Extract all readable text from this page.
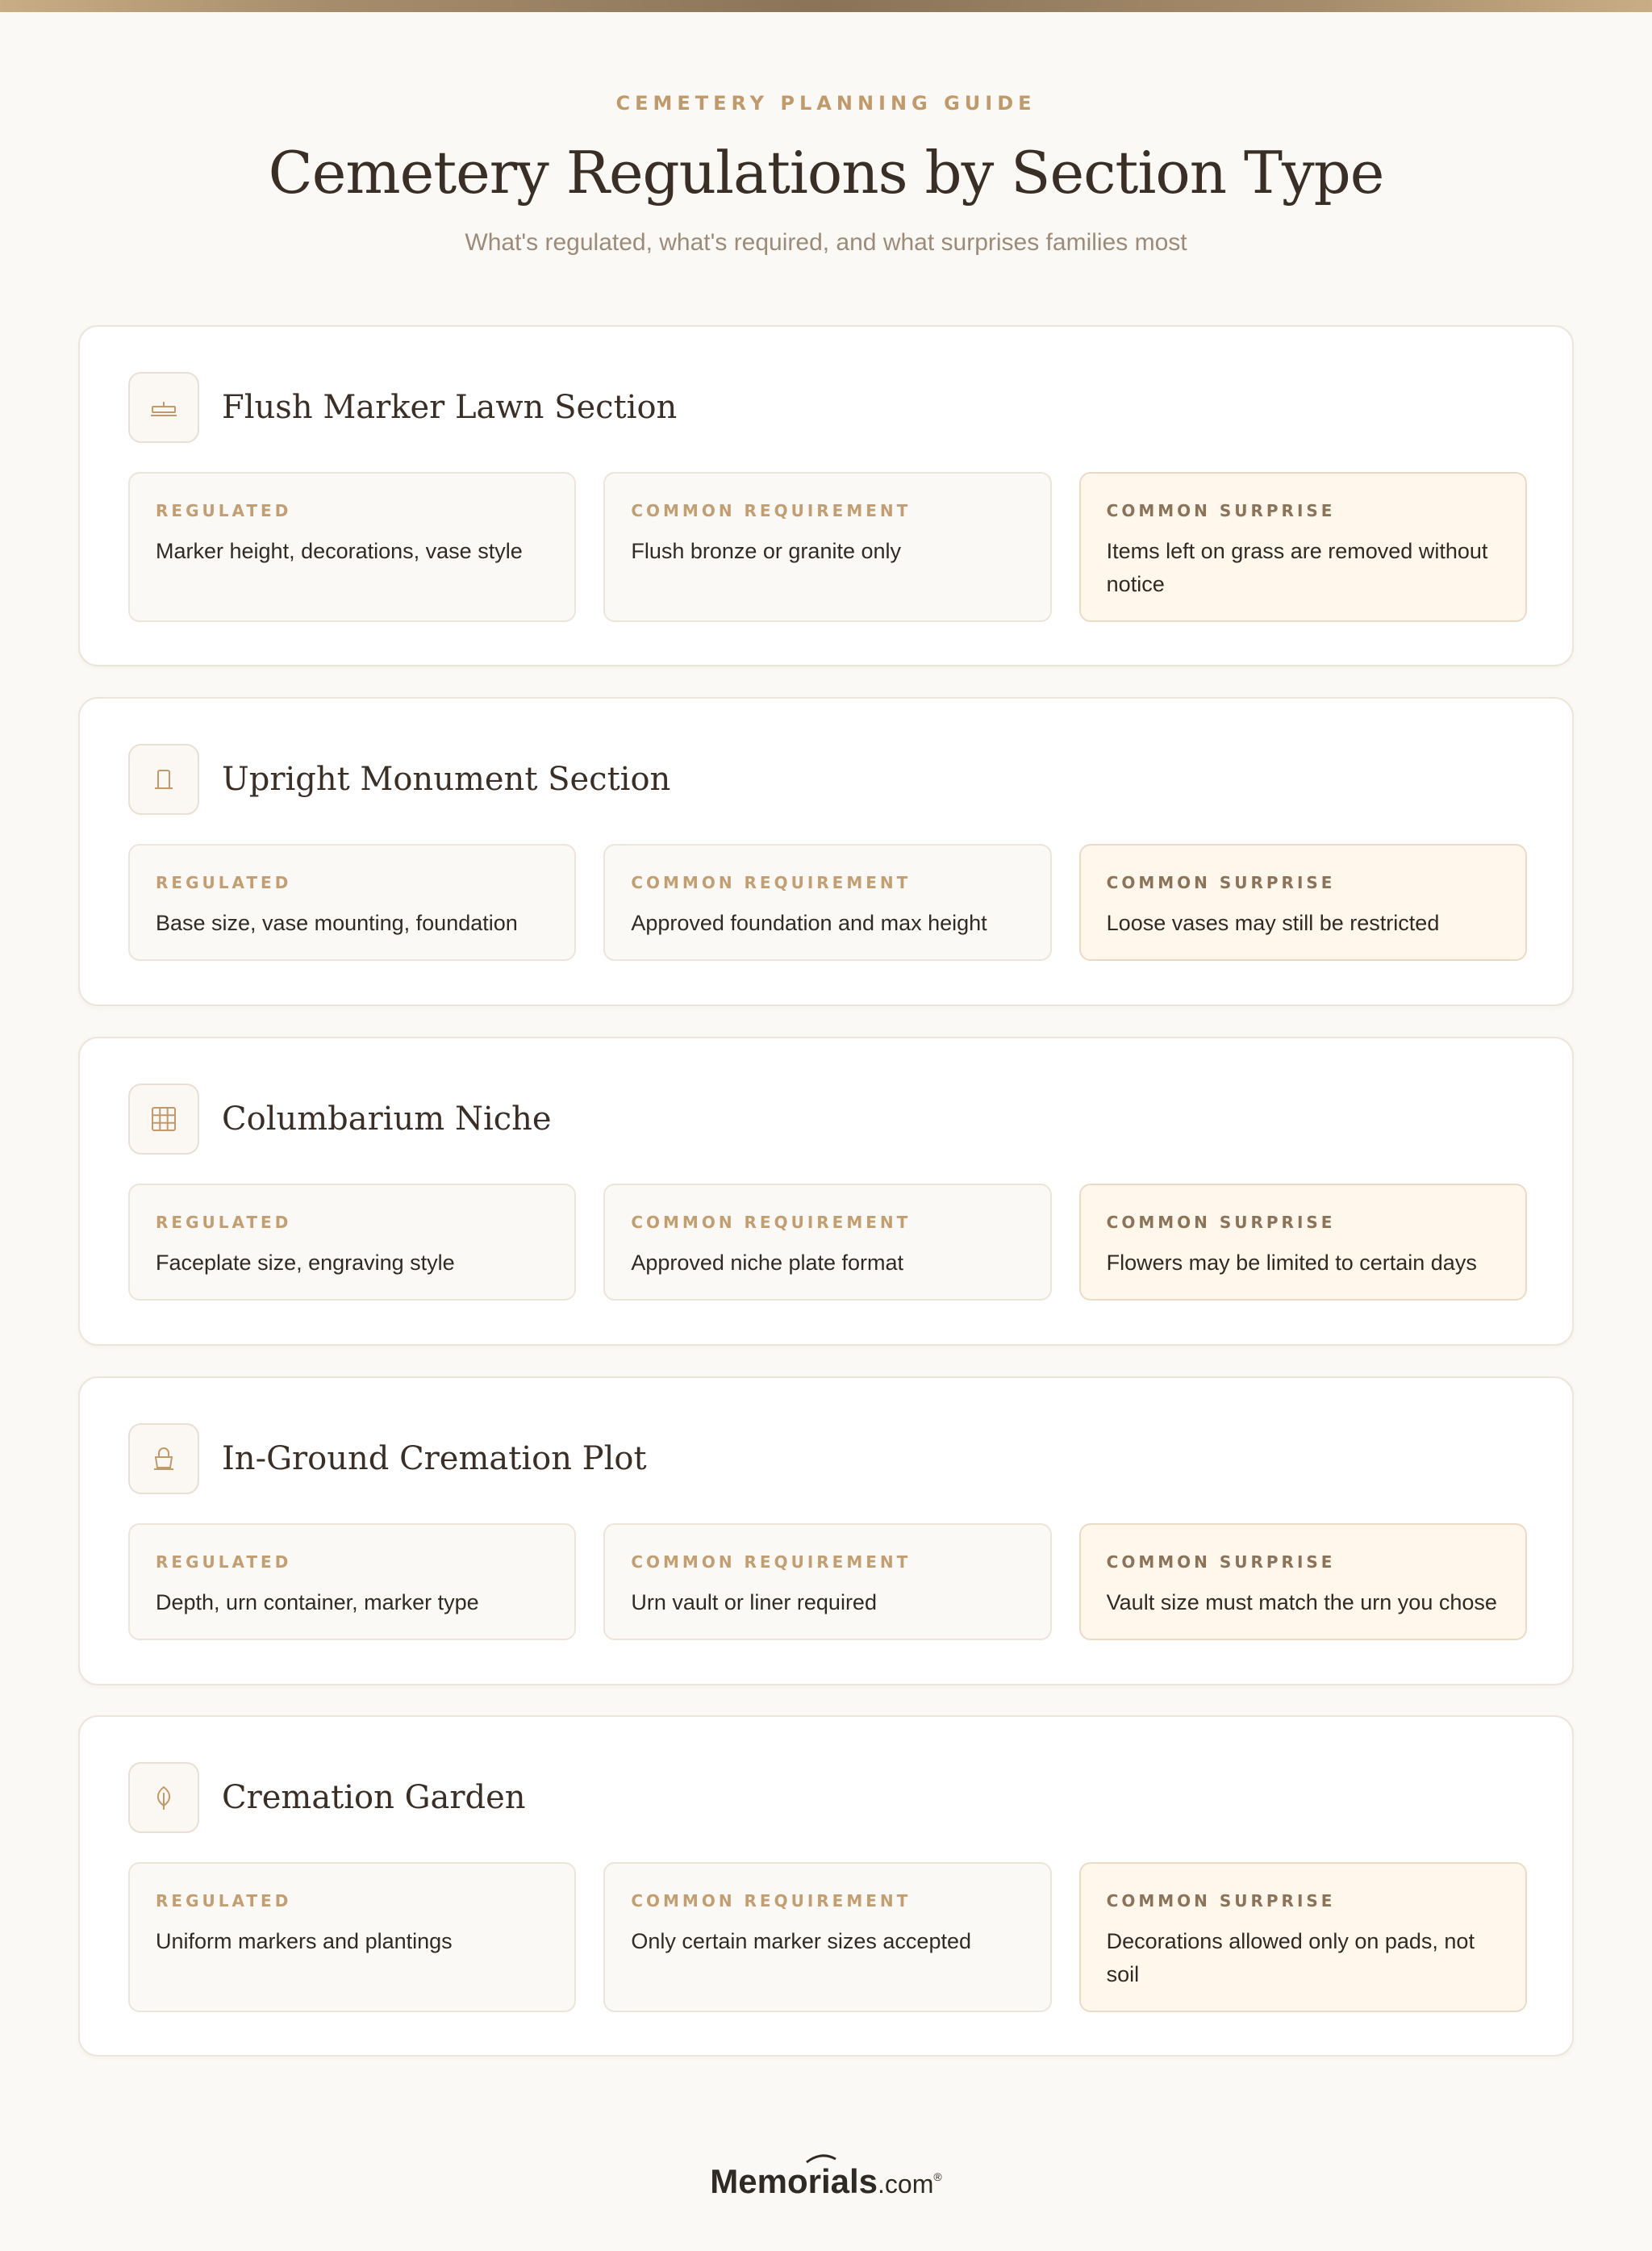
CEMETERY PLANNING GUIDE
Cemetery Regulations by Section Type
What's regulated, what's required, and what surprises families most
Flush Marker Lawn Section
REGULATED
Marker height, decorations, vase style
COMMON REQUIREMENT
Flush bronze or granite only
COMMON SURPRISE
Items left on grass are removed without notice
Upright Monument Section
REGULATED
Base size, vase mounting, foundation
COMMON REQUIREMENT
Approved foundation and max height
COMMON SURPRISE
Loose vases may still be restricted
Columbarium Niche
REGULATED
Faceplate size, engraving style
COMMON REQUIREMENT
Approved niche plate format
COMMON SURPRISE
Flowers may be limited to certain days
In-Ground Cremation Plot
REGULATED
Depth, urn container, marker type
COMMON REQUIREMENT
Urn vault or liner required
COMMON SURPRISE
Vault size must match the urn you chose
Cremation Garden
REGULATED
Uniform markers and plantings
COMMON REQUIREMENT
Only certain marker sizes accepted
COMMON SURPRISE
Decorations allowed only on pads, not soil
Memorials.com®
